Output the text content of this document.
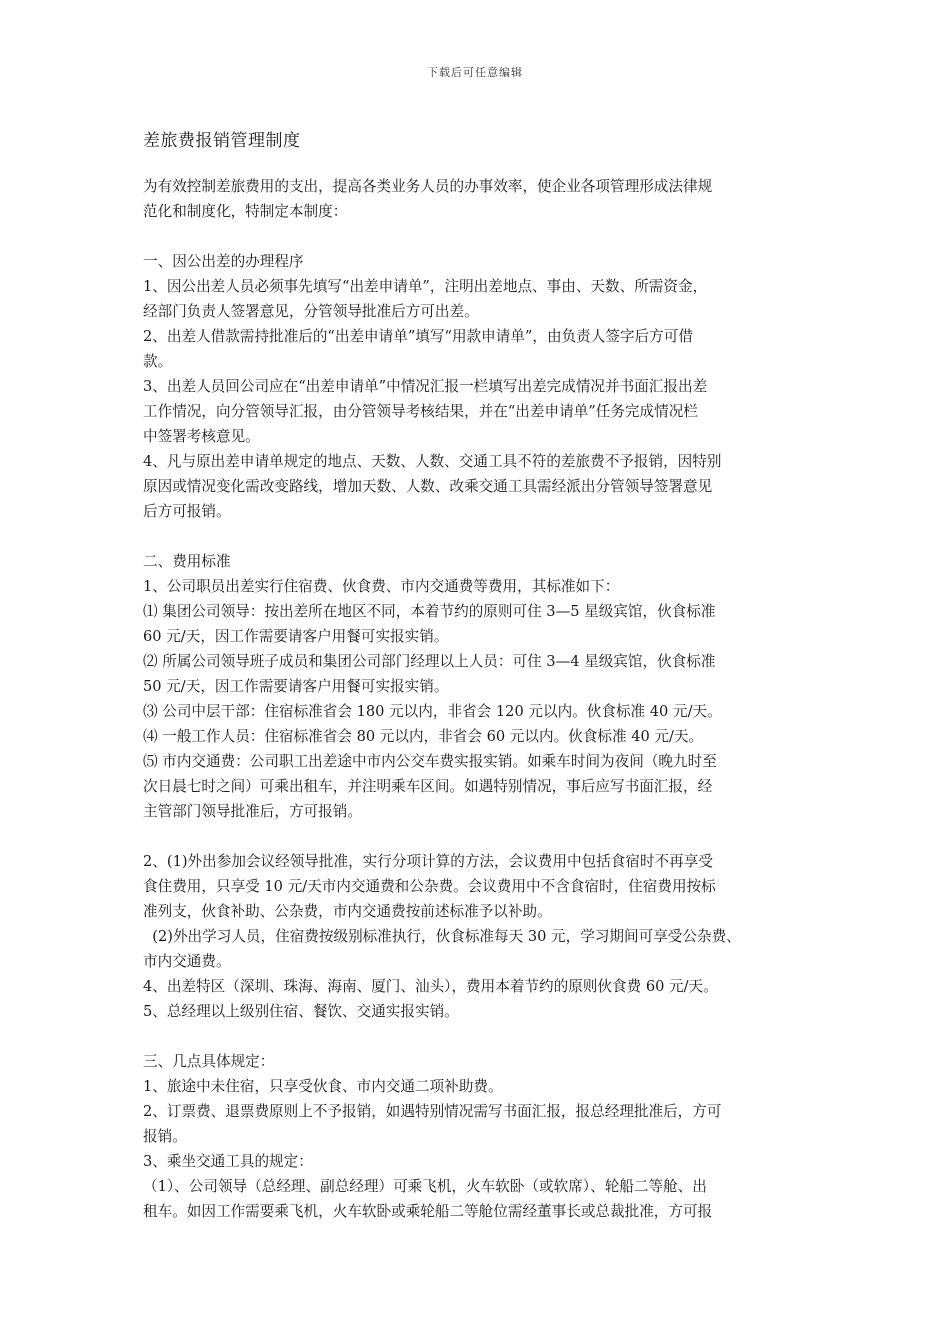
下载后可任意编辑
差旅费报销管理制度

为有效控制差旅费用的支出，提高各类业务人员的办事效率，使企业各项管理形成法律规

范化和制度化，特制定本制度：

一、因公出差的办理程序

1、因公出差人员必须事先填写“出差申请单”，注明出差地点、事由、天数、所需资金，

经部门负责人签署意见，分管领导批准后方可出差。

2、出差人借款需持批准后的“出差申请单”填写“用款申请单”，由负责人签字后方可借

款。

3、出差人员回公司应在“出差申请单”中情况汇报一栏填写出差完成情况并书面汇报出差

工作情况，向分管领导汇报，由分管领导考核结果，并在“出差申请单”任务完成情况栏

中签署考核意见。

4、凡与原出差申请单规定的地点、天数、人数、交通工具不符的差旅费不予报销，因特别

原因或情况变化需改变路线，增加天数、人数、改乘交通工具需经派出分管领导签署意见

后方可报销。

二、费用标准

1、公司职员出差实行住宿费、伙食费、市内交通费等费用，其标准如下：

⑴ 集团公司领导：按出差所在地区不同，本着节约的原则可住 3—5 星级宾馆，伙食标准

60 元/天，因工作需要请客户用餐可实报实销。

⑵ 所属公司领导班子成员和集团公司部门经理以上人员：可住 3—4 星级宾馆，伙食标准

50 元/天，因工作需要请客户用餐可实报实销。

⑶ 公司中层干部：住宿标准省会 180 元以内，非省会 120 元以内。伙食标准 40 元/天。

⑷ 一般工作人员：住宿标准省会 80 元以内，非省会 60 元以内。伙食标准 40 元/天。

⑸ 市内交通费：公司职工出差途中市内公交车费实报实销。如乘车时间为夜间（晚九时至

次日晨七时之间）可乘出租车，并注明乘车区间。如遇特别情况，事后应写书面汇报，经

主管部门领导批准后，方可报销。

2、(1)外出参加会议经领导批准，实行分项计算的方法，会议费用中包括食宿时不再享受

食住费用，只享受 10 元/天市内交通费和公杂费。会议费用中不含食宿时，住宿费用按标

准列支，伙食补助、公杂费，市内交通费按前述标准予以补助。

(2)外出学习人员，住宿费按级别标准执行，伙食标准每天 30 元，学习期间可享受公杂费、

市内交通费。

4、出差特区（深圳、珠海、海南、厦门、汕头），费用本着节约的原则伙食费 60 元/天。

5、总经理以上级别住宿、餐饮、交通实报实销。

三、几点具体规定：

1、旅途中未住宿，只享受伙食、市内交通二项补助费。

2、订票费、退票费原则上不予报销，如遇特别情况需写书面汇报，报总经理批准后，方可

报销。

3、乘坐交通工具的规定：

（1）、公司领导（总经理、副总经理）可乘飞机，火车软卧（或软席）、轮船二等舱、出

租车。如因工作需要乘飞机，火车软卧或乘轮船二等舱位需经董事长或总裁批准，方可报
